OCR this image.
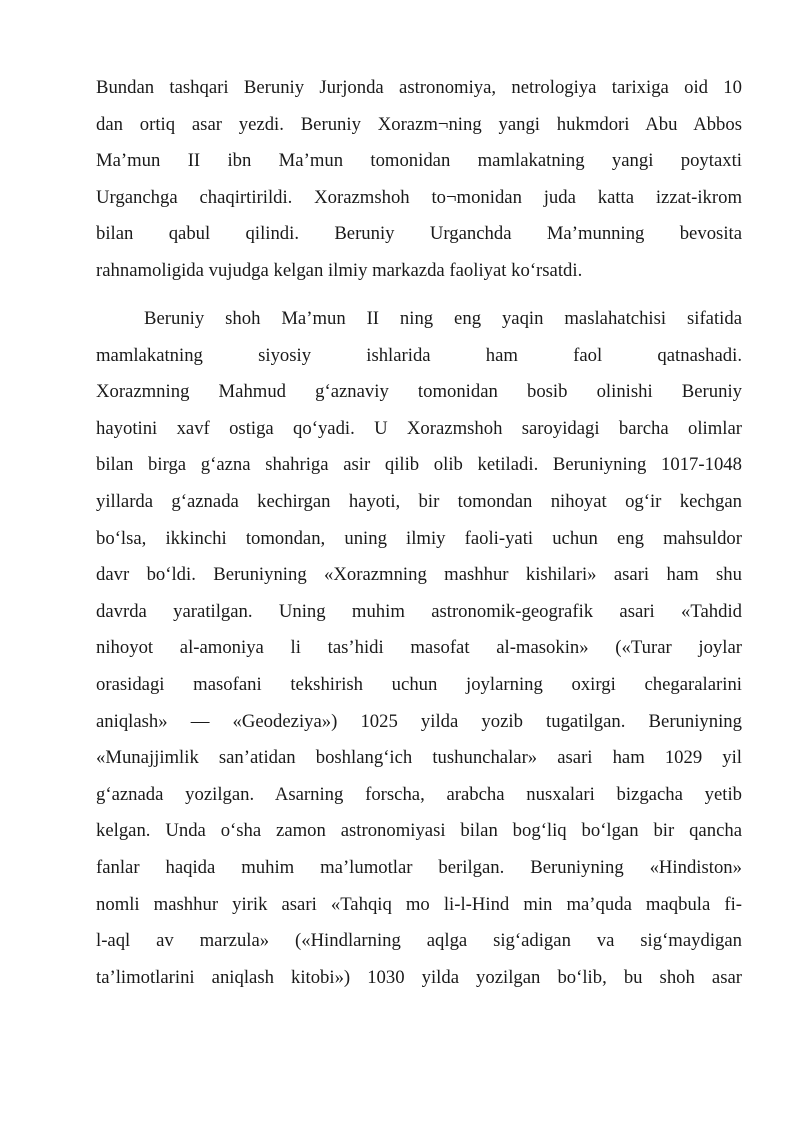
Bundan tashqari Beruniy Jurjonda astronomiya, netrologiya tarixiga oid 10
dan ortiq asar yezdi. Beruniy Xorazm¬ning yangi hukmdori Abu Abbos
Ma’mun II ibn Ma’mun tomonidan mamlakatning yangi poytaxti
Urganchga chaqirtirildi. Xorazmshoh to¬monidan juda katta izzat-ikrom
bilan qabul qilindi. Beruniy Urganchda Ma’munning bevosita
rahnamoligida vujudga kelgan ilmiy markazda faoliyat ko‘rsatdi.

Beruniy shoh Ma’mun II ning eng yaqin maslahatchisi sifatida
mamlakatning siyosiy ishlarida ham faol qatnashadi.
Xorazmning Mahmud g‘aznaviy tomonidan bosib olinishi Beruniy
hayotini xavf ostiga qo‘yadi. U Xorazmshoh saroyidagi barcha olimlar
bilan birga g‘azna shahriga asir qilib olib ketiladi. Beruniyning 1017-1048
yillarda g‘aznada kechirgan hayoti, bir tomondan nihoyat og‘ir kechgan
bo‘lsa, ikkinchi tomondan, uning ilmiy faoli-yati uchun eng mahsuldor
davr bo‘ldi. Beruniyning «Xorazmning mashhur kishilari» asari ham shu
davrda yaratilgan. Uning muhim astronomik-geografik asari «Tahdid
nihoyot al-amoniya li tas’hidi masofat al-masokin» («Turar joylar
orasidagi masofani tekshirish uchun joylarning oxirgi chegaralarini
aniqlash» — «Geodeziya») 1025 yilda yozib tugatilgan. Beruniyning
«Munajjimlik san’atidan boshlang‘ich tushunchalar» asari ham 1029 yil
g‘aznada yozilgan. Asarning forscha, arabcha nusxalari bizgacha yetib
kelgan. Unda o‘sha zamon astronomiyasi bilan bog‘liq bo‘lgan bir qancha
fanlar haqida muhim ma’lumotlar berilgan. Beruniyning «Hindiston»
nomli mashhur yirik asari «Tahqiq mo li-l-Hind min ma’quda maqbula fi-
l-aql av marzula» («Hindlarning aqlga sig‘adigan va sig‘maydigan
ta’limotlarini aniqlash kitobi») 1030 yilda yozilgan bo‘lib, bu shoh asar
